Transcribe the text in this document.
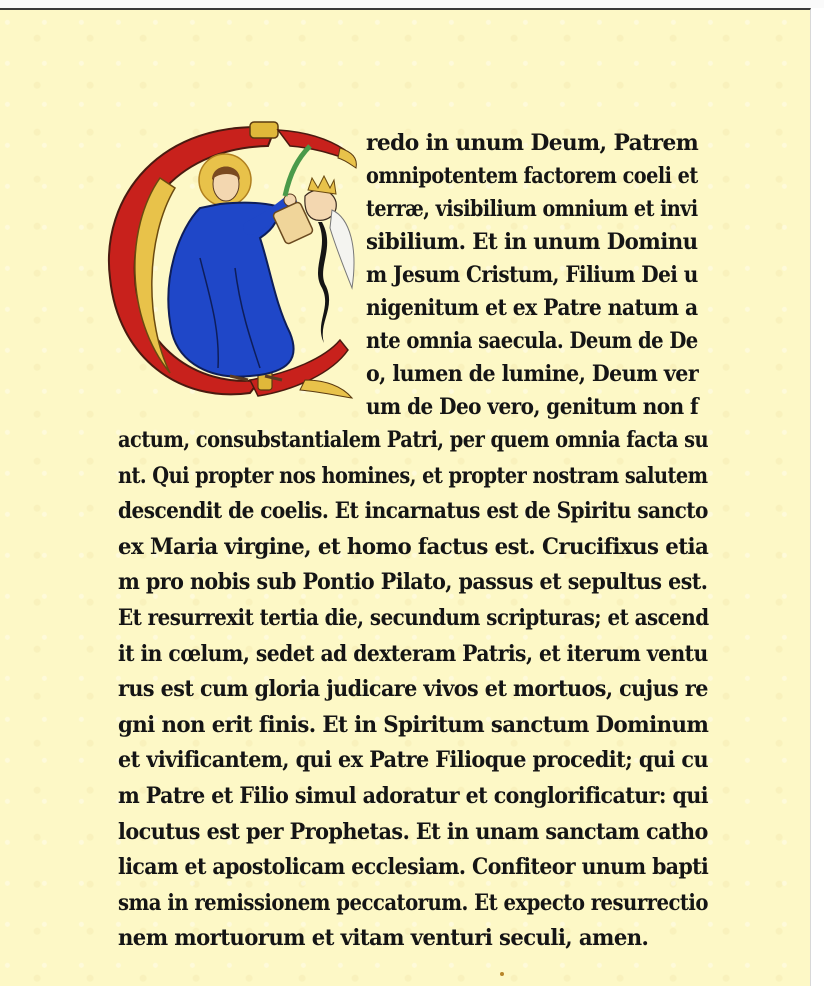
redo in unum Deum, Patrem
omnipotentem factorem coeli et
terræ, visibilium omnium et invi
sibilium. Et in unum Dominu
m Jesum Cristum, Filium Dei u
nigenitum et ex Patre natum a
nte omnia saecula. Deum de De
o, lumen de lumine, Deum ver
um de Deo vero, genitum non f
actum, consubstantialem Patri, per quem omnia facta su
nt. Qui propter nos homines, et propter nostram salutem
descendit de coelis. Et incarnatus est de Spiritu sancto
ex Maria virgine, et homo factus est. Crucifixus etia
m pro nobis sub Pontio Pilato, passus et sepultus est.
Et resurrexit tertia die, secundum scripturas; et ascend
it in cœlum, sedet ad dexteram Patris, et iterum ventu
rus est cum gloria judicare vivos et mortuos, cujus re
gni non erit finis. Et in Spiritum sanctum Dominum
et vivificantem, qui ex Patre Filioque procedit; qui cu
m Patre et Filio simul adoratur et conglorificatur: qui
locutus est per Prophetas. Et in unam sanctam catho
licam et apostolicam ecclesiam. Confiteor unum bapti
sma in remissionem peccatorum. Et expecto resurrectio
nem mortuorum et vitam venturi seculi, amen.
